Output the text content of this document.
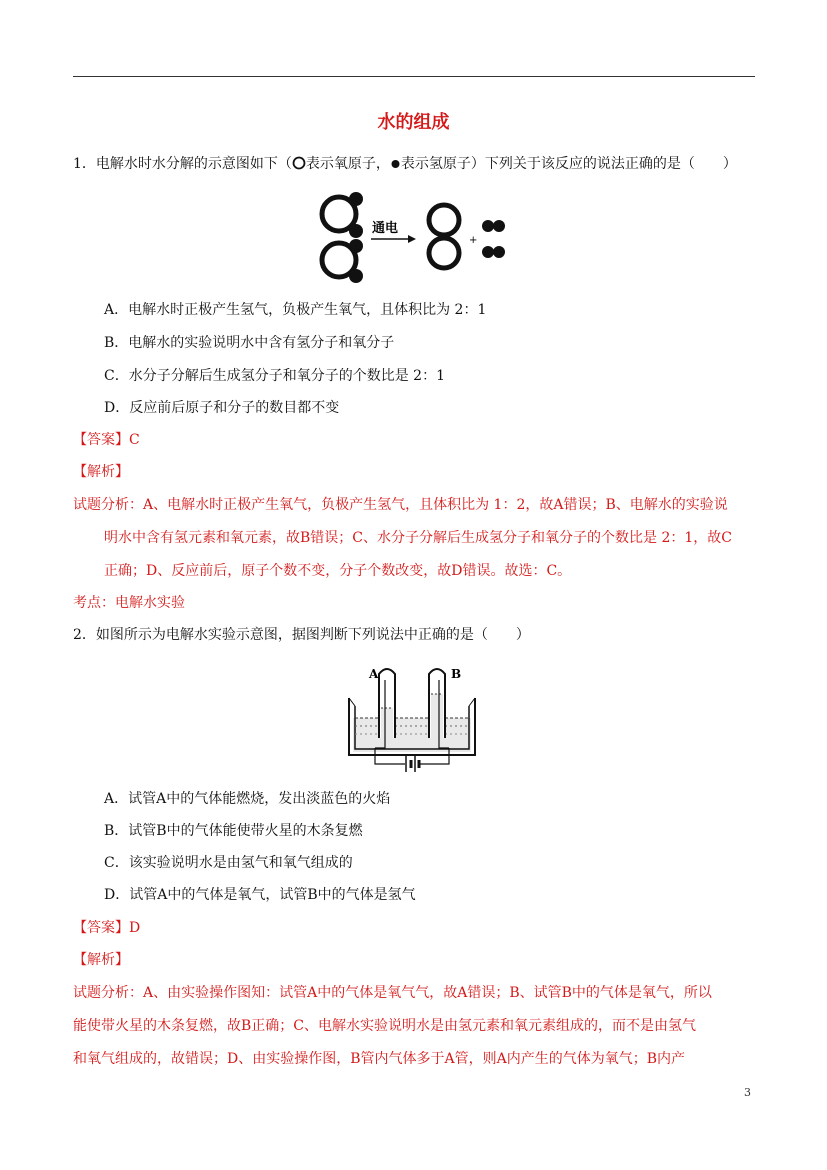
水的组成
1．电解水时水分解的示意图如下（ 表示氧原子， 表示氢原子）下列关于该反应的说法正确的是（　　）
通电
+
A．电解水时正极产生氢气，负极产生氧气，且体积比为 2：1
B．电解水的实验说明水中含有氢分子和氧分子
C．水分子分解后生成氢分子和氧分子的个数比是 2：1
D．反应前后原子和分子的数目都不变
【答案】C
【解析】
试题分析：A、电解水时正极产生氧气，负极产生氢气，且体积比为 1：2，故A错误；B、电解水的实验说
明水中含有氢元素和氧元素，故B错误；C、水分子分解后生成氢分子和氧分子的个数比是 2：1，故C
正确；D、反应前后，原子个数不变，分子个数改变，故D错误。故选：C。
考点：电解水实验
2．如图所示为电解水实验示意图，据图判断下列说法中正确的是（　　）
A	B
A．试管A中的气体能燃烧，发出淡蓝色的火焰
B．试管B中的气体能使带火星的木条复燃
C．该实验说明水是由氢气和氧气组成的
D．试管A中的气体是氧气，试管B中的气体是氢气
【答案】D
【解析】
试题分析：A、由实验操作图知：试管A中的气体是氧气气，故A错误；B、试管B中的气体是氧气，所以
能使带火星的木条复燃，故B正确；C、电解水实验说明水是由氢元素和氧元素组成的，而不是由氢气
和氧气组成的，故错误；D、由实验操作图，B管内气体多于A管，则A内产生的气体为氧气；B内产
3
